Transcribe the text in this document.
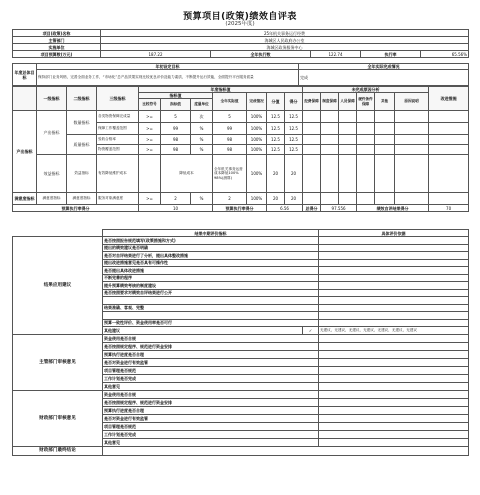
预算项目(政策)绩效自评表
(2025年度)
项目(政策)名称	25年机关事务运行经费				
主管部门	海城区人民政府办公室				
实施单位	海城区政务服务中心				
项目预算数(万元)	187.22	全年执行数	122.74	执行率	65.56%
年度总体目标	年初设定目标	全年实际完成情况
	保持部门业务风格，完善全面业务工作，“市场化”总产品效果实现比较优良评价及能力素质，不断提升运行效能，全面提升平台服务质量	完成
	一级指标	二级指标	三级指标	年度指标值							未完成原因分析						改进措施
				指标值			全年实际值	完成情况	分值	得分	经费保障	制度保障	人员保障	硬件条件保障	其他	原因说明	
				比较符号	指标值	度量单位											
产出指标	产出指标	数量指标	各类物资保障完成量	>=	5	次	5	100%	12.5	12.5							
			保障工作覆盖范围	>=	99	%	99	100%	12.5	12.5							
		质量指标	验收合格率	>=	98	%	98	100%	12.5	12.5							
			物资覆盖范围	>=	98	%	98	100%	12.5	12.5							
	效益指标	效益指标	有效降低维护成本		降低成本		全年机关事务运营成本降低100% 98%(测算)	100%	20	20							
满意度指标	满意度指标	满意度指标	服务对象满意度	>=	2	%	2	100%	20	20							
预算执行率得分				10			预算执行率得分		6.56		总得分	97.556		绩效自评结果得分			70
	结果中期评价指标		具体评价依据
结果应用建议	是否按照报告规范填写(政策措施和方式)		
	提出的绩效建议是否明确		
	是否对自评结果进行了分析，提出具体整改措施		
	提出改进措施意见是否具有可操作性		
	是否提出具体改进措施		
	不断完善的程序		
	提升预算绩效考核的制度建设		
	是否按照要求对绩效自评结果进行公开		

	结果准确、客观、完整		

	预算一致性评价、资金使用率是否可行		
	其他建议	✓	无建议，无建议，无建议，无建议，无建议，无建议，无建议
主管部门审核意见	资金使用是否合规		
	是否按照规定程序、规范进行资金安排		
	预算执行进度是否合理		
	是否对资金进行有效监管		
	项目管理是否规范		
	工作计划是否完成		
	其他意见		
财政部门审核意见	资金使用是否合规		
	是否按照规定程序、规范进行资金安排		
	预算执行进度是否合理		
	是否对资金进行有效监管		
	项目管理是否规范		
	工作计划是否完成		
	其他意见		
财政部门最终结论			
